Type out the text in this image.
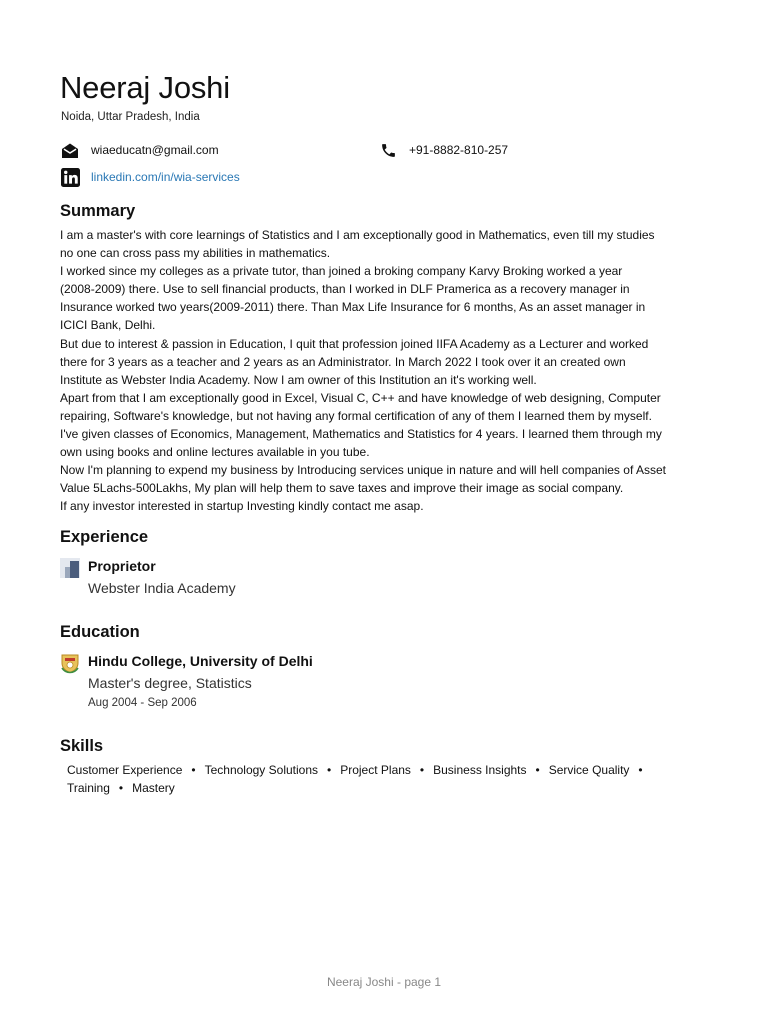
Neeraj Joshi
Noida, Uttar Pradesh, India
wiaeducatn@gmail.com	+91-8882-810-257
linkedin.com/in/wia-services
Summary

I am a master's with core learnings of Statistics and I am exceptionally good in Mathematics, even till my studies

no one can cross pass my abilities in mathematics.

I worked since my colleges as a private tutor, than joined a broking company Karvy Broking worked a year

(2008-2009) there. Use to sell financial products, than I worked in DLF Pramerica as a recovery manager in

Insurance worked two years(2009-2011) there. Than Max Life Insurance for 6 months, As an asset manager in

ICICI Bank, Delhi.

But due to interest & passion in Education, I quit that profession joined IIFA Academy as a Lecturer and worked

there for 3 years as a teacher and 2 years as an Administrator. In March 2022 I took over it an created own

Institute as Webster India Academy. Now I am owner of this Institution an it's working well.

Apart from that I am exceptionally good in Excel, Visual C, C++ and have knowledge of web designing, Computer

repairing, Software's knowledge, but not having any formal certification of any of them I learned them by myself.

I've given classes of Economics, Management, Mathematics and Statistics for 4 years. I learned them through my

own using books and online lectures available in you tube.

Now I'm planning to expend my business by Introducing services unique in nature and will hell companies of Asset

Value 5Lachs-500Lakhs, My plan will help them to save taxes and improve their image as social company.

If any investor interested in startup Investing kindly contact me asap.

Experience
Proprietor
Webster India Academy
Education
Hindu College, University of Delhi
Master's degree, Statistics
Aug 2004 - Sep 2006
Skills
Customer Experience • Technology Solutions • Project Plans • Business Insights • Service Quality •
Training • Mastery
Neeraj Joshi - page 1
